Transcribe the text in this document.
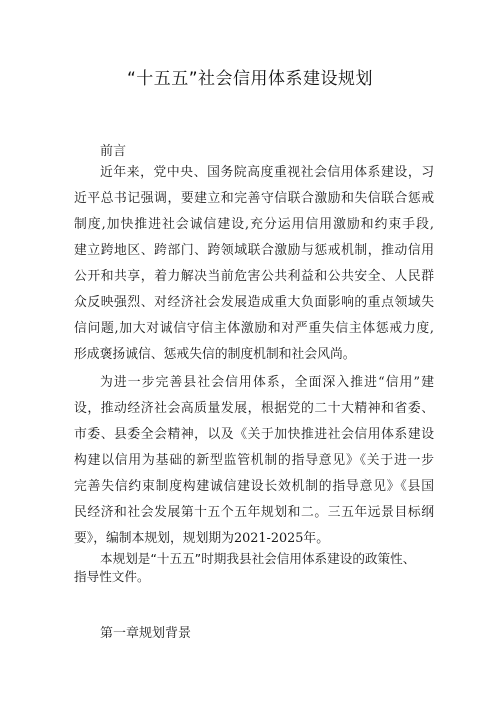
“十五五”社会信用体系建设规划
前言
近年来，党中央、国务院高度重视社会信用体系建设，习
近平总书记强调，要建立和完善守信联合激励和失信联合惩戒
制度,加快推进社会诚信建设,充分运用信用激励和约束手段,
建立跨地区、跨部门、跨领域联合激励与惩戒机制，推动信用
公开和共享，着力解决当前危害公共利益和公共安全、人民群
众反映强烈、对经济社会发展造成重大负面影响的重点领域失
信问题,加大对诚信守信主体激励和对严重失信主体惩戒力度,
形成褒扬诚信、惩戒失信的制度机制和社会风尚。
为进一步完善县社会信用体系，全面深入推进“信用”建
设，推动经济社会高质量发展，根据党的二十大精神和省委、
市委、县委全会精神，以及《关于加快推进社会信用体系建设
构建以信用为基础的新型监管机制的指导意见》《关于进一步
完善失信约束制度构建诚信建设长效机制的指导意见》《县国
民经济和社会发展第十五个五年规划和二。三五年远景目标纲
要》，编制本规划，规划期为2021-2025年。
本规划是“十五五”时期我县社会信用体系建设的政策性、
指导性文件。
第一章规划背景
